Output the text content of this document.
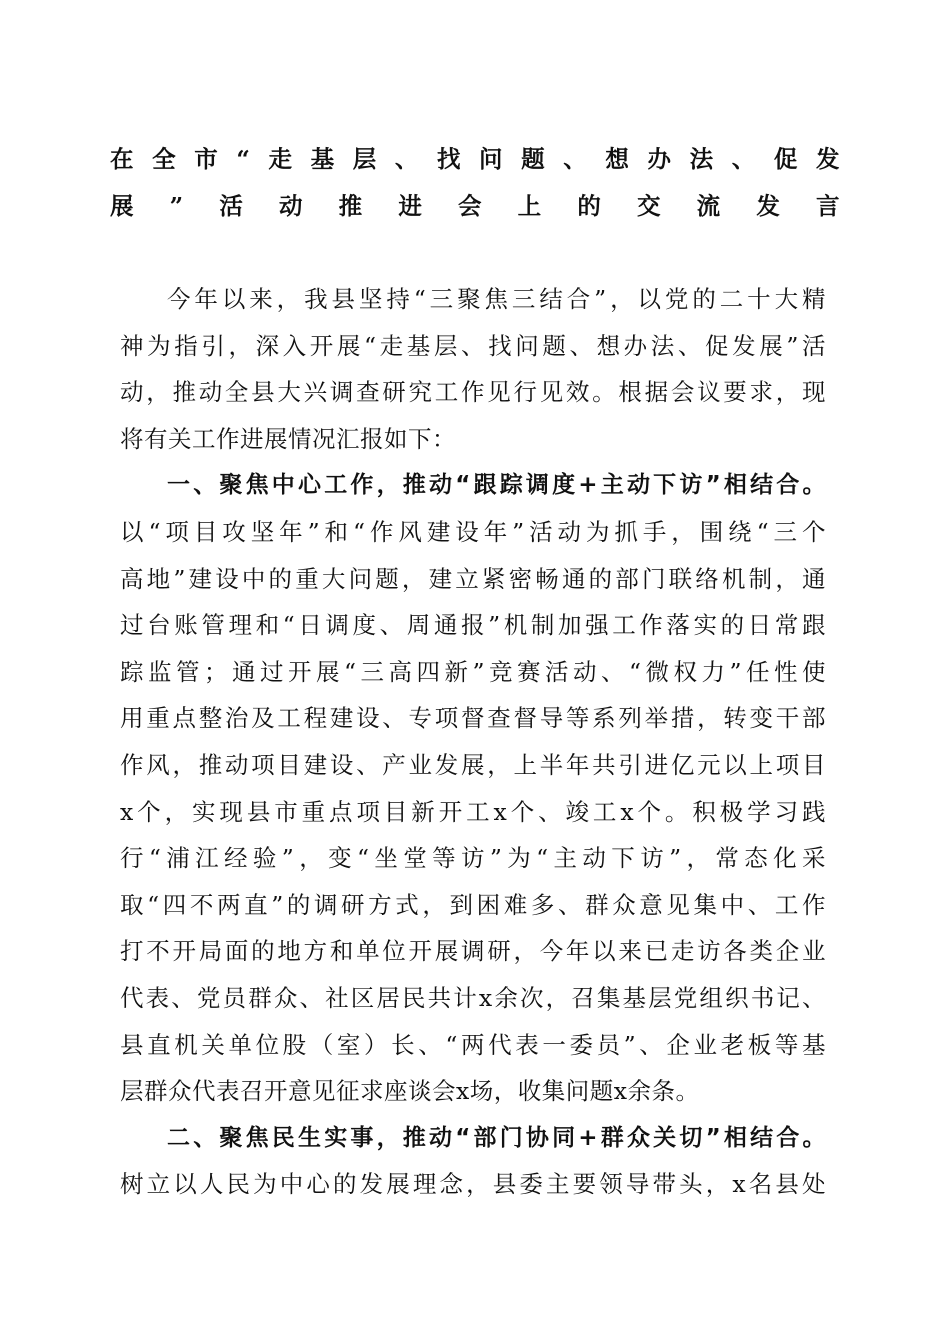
在全市“走基层、找问题、想办法、促发
展”活动推进会上的交流发言
今年以来，我县坚持“三聚焦三结合”，以党的二十大精
神为指引，深入开展“走基层、找问题、想办法、促发展”活
动，推动全县大兴调查研究工作见行见效。根据会议要求，现
将有关工作进展情况汇报如下：
一、聚焦中心工作，推动“跟踪调度+主动下访”相结合。
以“项目攻坚年”和“作风建设年”活动为抓手，围绕“三个
高地”建设中的重大问题，建立紧密畅通的部门联络机制，通
过台账管理和“日调度、周通报”机制加强工作落实的日常跟
踪监管；通过开展“三高四新”竞赛活动、“微权力”任性使
用重点整治及工程建设、专项督查督导等系列举措，转变干部
作风，推动项目建设、产业发展，上半年共引进亿元以上项目
x个，实现县市重点项目新开工x个、竣工x个。积极学习践
行“浦江经验”，变“坐堂等访”为“主动下访”，常态化采
取“四不两直”的调研方式，到困难多、群众意见集中、工作
打不开局面的地方和单位开展调研，今年以来已走访各类企业
代表、党员群众、社区居民共计x余次，召集基层党组织书记、
县直机关单位股（室）长、“两代表一委员”、企业老板等基
层群众代表召开意见征求座谈会x场，收集问题x余条。
二、聚焦民生实事，推动“部门协同+群众关切”相结合。
树立以人民为中心的发展理念，县委主要领导带头，x名县处
